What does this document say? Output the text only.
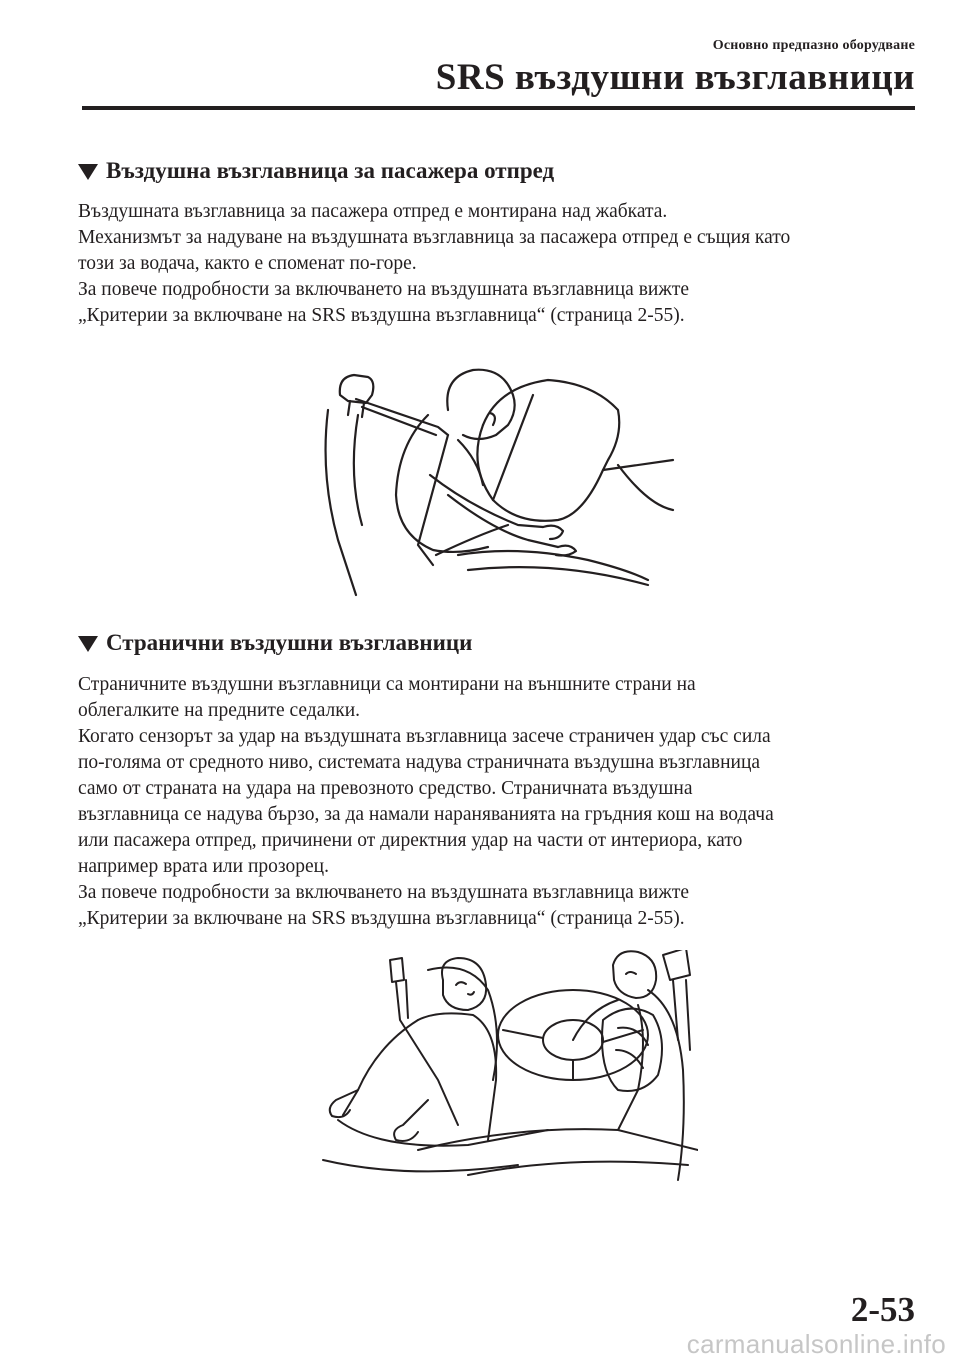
Основно предпазно оборудване
SRS въздушни възглавници
Въздушна възглавница за пасажера отпред

Въздушната възглавница за пасажера отпред е монтирана над жабката.
Механизмът за надуване на въздушната възглавница за пасажера отпред е същия като
този за водача, както е споменат по-горе.
За повече подробности за включването на въздушната възглавница вижте
„Критерии за включване на SRS въздушна възглавница“ (страница 2-55).

Странични въздушни възглавници

Страничните въздушни възглавници са монтирани на външните страни на
облегалките на предните седалки.
Когато сензорът за удар на въздушната възглавница засече страничен удар със сила
по-голяма от средното ниво, системата надува страничната въздушна възглавница
само от страната на удара на превозното средство. Страничната въздушна
възглавница се надува бързо, за да намали нараняванията на гръдния кош на водача
или пасажера отпред, причинени от директния удар на части от интериора, като
например врата или прозорец.
За повече подробности за включването на въздушната възглавница вижте
„Критерии за включване на SRS въздушна възглавница“ (страница 2-55).

2-53
carmanualsonline.info
